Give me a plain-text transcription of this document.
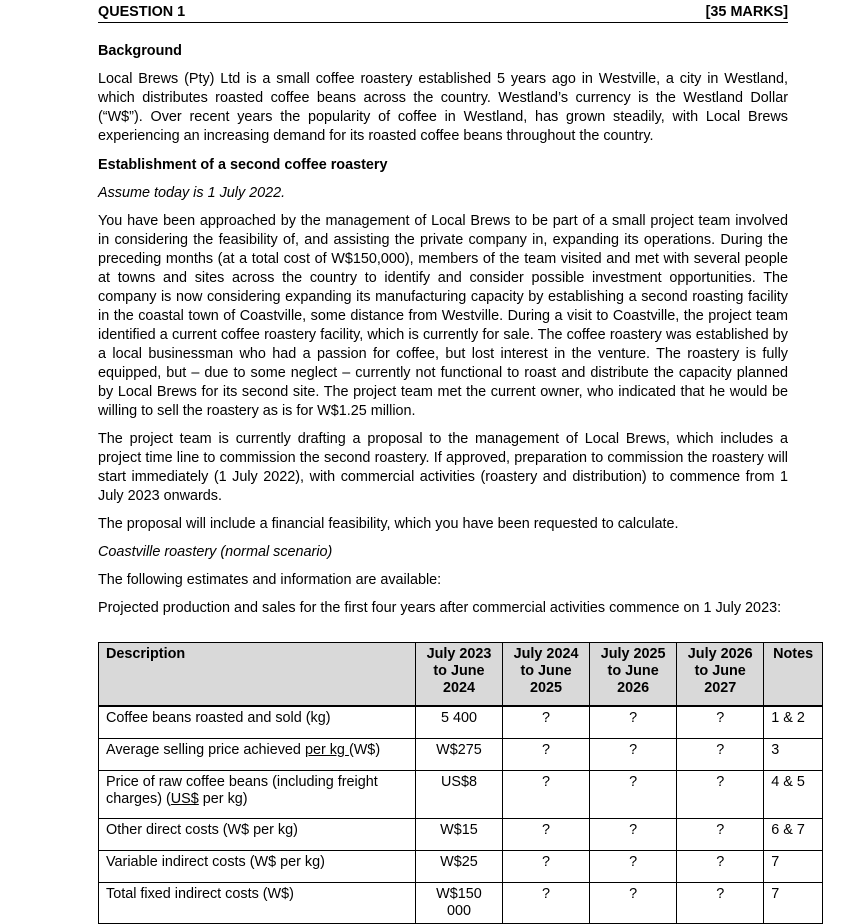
QUESTION 1	[35 MARKS]
Background
Local Brews (Pty) Ltd is a small coffee roastery established 5 years ago in Westville, a city in Westland, which distributes roasted coffee beans across the country. Westland’s currency is the Westland Dollar (“W$”). Over recent years the popularity of coffee in Westland, has grown steadily, with Local Brews experiencing an increasing demand for its roasted coffee beans throughout the country.
Establishment of a second coffee roastery
Assume today is 1 July 2022.
You have been approached by the management of Local Brews to be part of a small project team involved in considering the feasibility of, and assisting the private company in, expanding its operations. During the preceding months (at a total cost of W$150,000), members of the team visited and met with several people at towns and sites across the country to identify and consider possible investment opportunities. The company is now considering expanding its manufacturing capacity by establishing a second roasting facility in the coastal town of Coastville, some distance from Westville. During a visit to Coastville, the project team identified a current coffee roastery facility, which is currently for sale. The coffee roastery was established by a local businessman who had a passion for coffee, but lost interest in the venture. The roastery is fully equipped, but – due to some neglect – currently not functional to roast and distribute the capacity planned by Local Brews for its second site. The project team met the current owner, who indicated that he would be willing to sell the roastery as is for W$1.25 million.
The project team is currently drafting a proposal to the management of Local Brews, which includes a project time line to commission the second roastery. If approved, preparation to commission the roastery will start immediately (1 July 2022), with commercial activities (roastery and distribution) to commence from 1 July 2023 onwards.
The proposal will include a financial feasibility, which you have been requested to calculate.
Coastville roastery (normal scenario)
The following estimates and information are available:
Projected production and sales for the first four years after commercial activities commence on 1 July 2023:
Description	July 2023 to June 2024	July 2024 to June 2025	July 2025 to June 2026	July 2026 to June 2027	Notes

Coffee beans roasted and sold (kg)	5 400	?	?	?	1 & 2
Average selling price achieved per kg (W$)	W$275	?	?	?	3
Price of raw coffee beans (including freight charges) (US$ per kg)	US$8	?	?	?	4 & 5
Other direct costs (W$ per kg)	W$15	?	?	?	6 & 7
Variable indirect costs (W$ per kg)	W$25	?	?	?	7
Total fixed indirect costs (W$)	W$150 000	?	?	?	7
